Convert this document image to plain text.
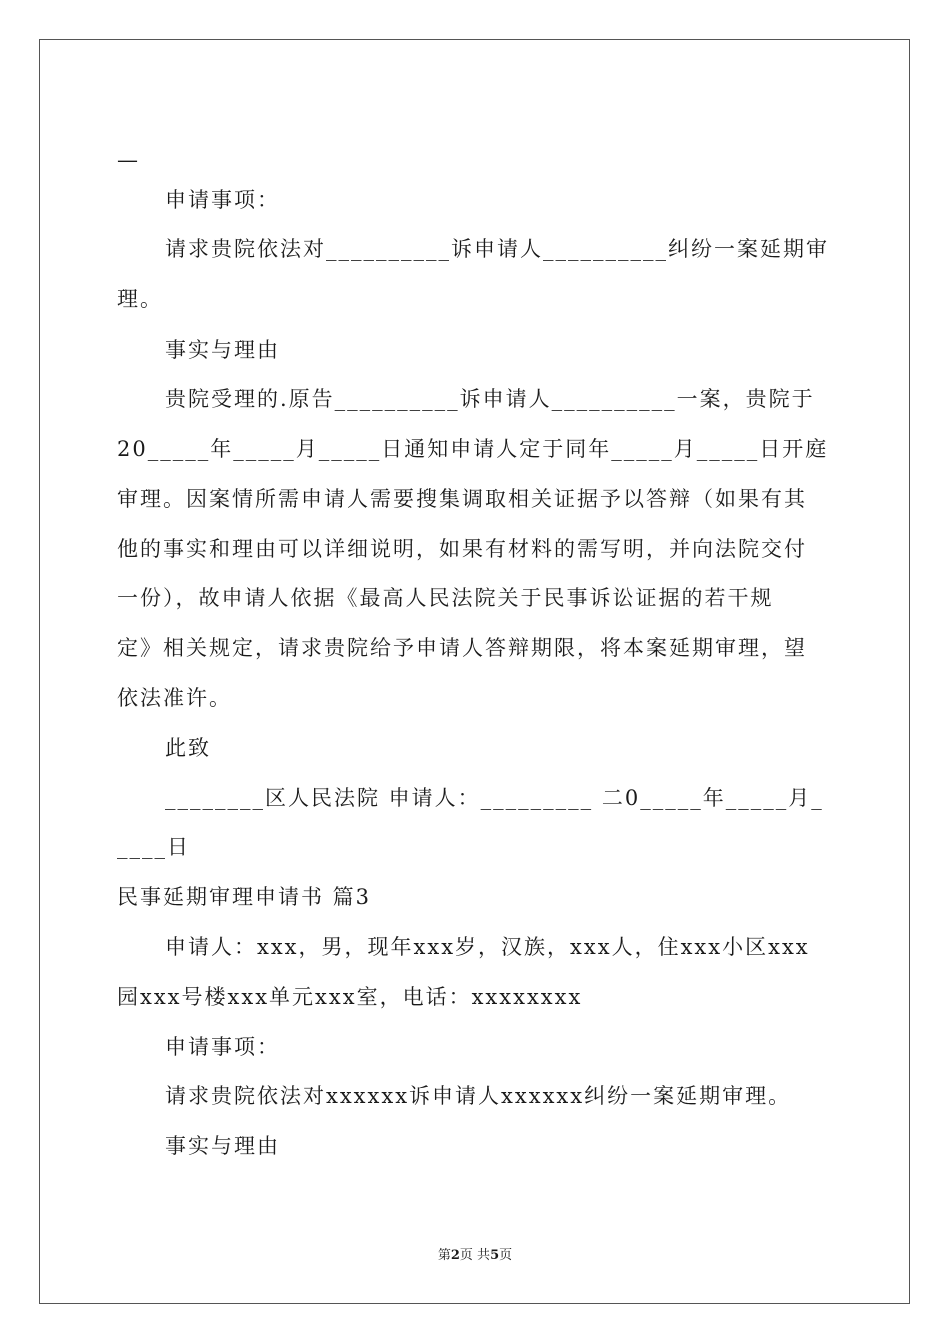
—
申请事项：
请求贵院依法对__________诉申请人__________纠纷一案延期审
理。
事实与理由
贵院受理的.原告__________诉申请人__________一案，贵院于
20_____年_____月_____日通知申请人定于同年_____月_____日开庭
审理。因案情所需申请人需要搜集调取相关证据予以答辩（如果有其
他的事实和理由可以详细说明，如果有材料的需写明，并向法院交付
一份），故申请人依据《最高人民法院关于民事诉讼证据的若干规
定》相关规定，请求贵院给予申请人答辩期限，将本案延期审理，望
依法准许。
此致
________区人民法院 申请人：_________ 二0_____年_____月_
____日
民事延期审理申请书 篇3
申请人：xxx，男，现年xxx岁，汉族，xxx人，住xxx小区xxx
园xxx号楼xxx单元xxx室，电话：xxxxxxxx
申请事项：
请求贵院依法对xxxxxx诉申请人xxxxxx纠纷一案延期审理。
事实与理由
第2页 共5页
